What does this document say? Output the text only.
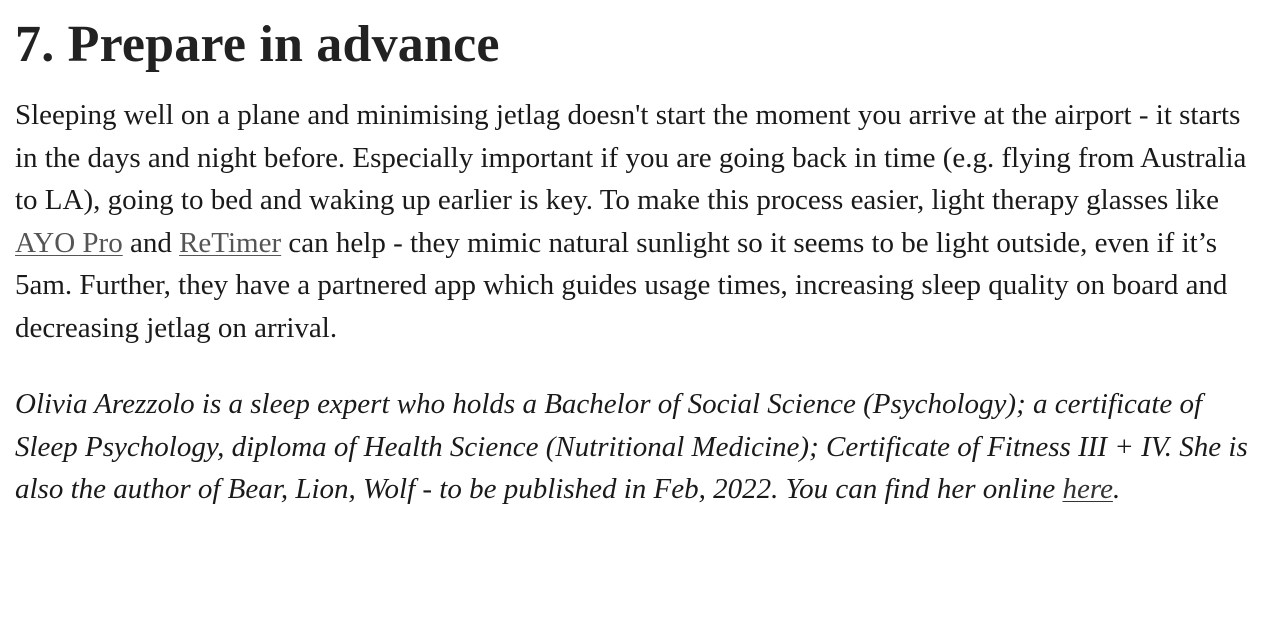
7. Prepare in advance

Sleeping well on a plane and minimising jetlag doesn't start the moment you arrive at the airport - it starts in the days and night before. Especially important if you are going back in time (e.g. flying from Australia to LA), going to bed and waking up earlier is key. To make this process easier, light therapy glasses like AYO Pro and ReTimer can help - they mimic natural sunlight so it seems to be light outside, even if it’s 5am. Further, they have a partnered app which guides usage times, increasing sleep quality on board and decreasing jetlag on arrival.

Olivia Arezzolo is a sleep expert who holds a Bachelor of Social Science (Psychology); a certificate of Sleep Psychology, diploma of Health Science (Nutritional Medicine); Certificate of Fitness III + IV. She is also the author of Bear, Lion, Wolf - to be published in Feb, 2022. You can find her online here.
